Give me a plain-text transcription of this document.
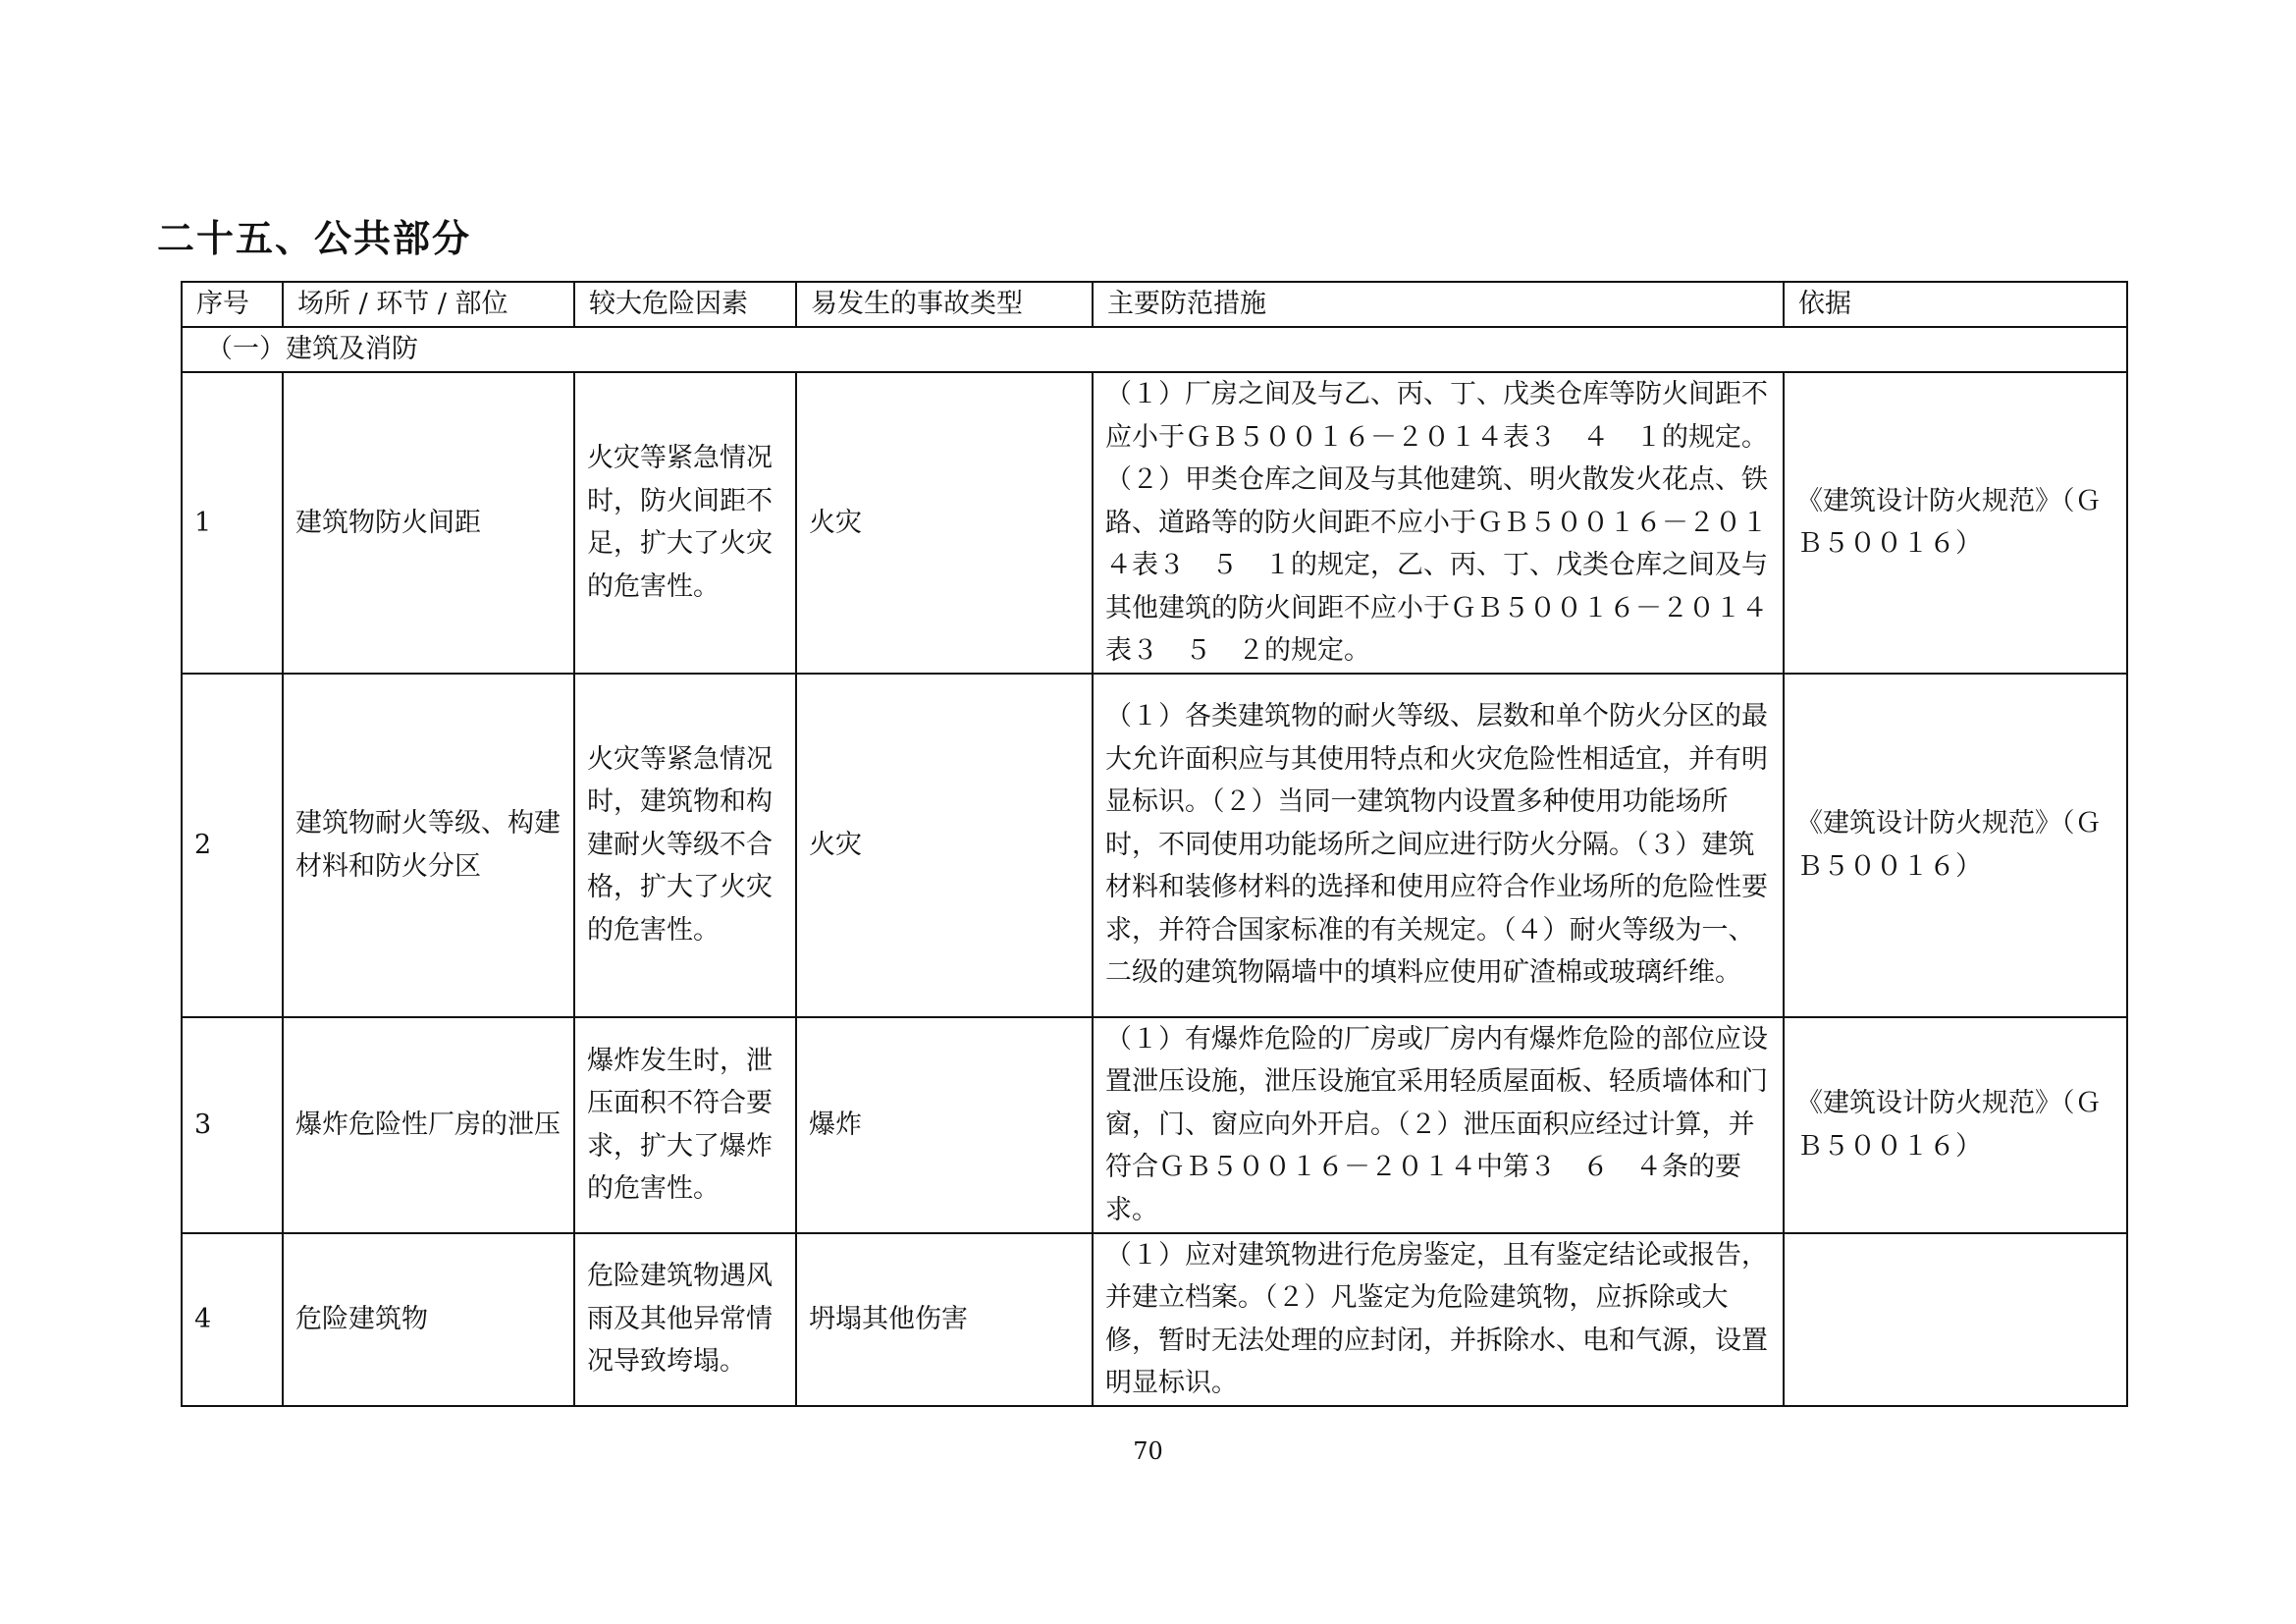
二十五、公共部分
序号	场所 / 环节 / 部位	较大危险因素	易发生的事故类型	主要防范措施	依据
（一）建筑及消防					
1	建筑物防火间距	火灾等紧急情况时，防火间距不足，扩大了火灾的危害性。	火灾	（１）厂房之间及与乙、丙、丁、戊类仓库等防火间距不应小于ＧＢ５００１６－２０１４表３　４　１的规定。（２）甲类仓库之间及与其他建筑、明火散发火花点、铁路、道路等的防火间距不应小于ＧＢ５００１６－２０１４表３　５　１的规定，乙、丙、丁、戊类仓库之间及与其他建筑的防火间距不应小于ＧＢ５００１６－２０１４表３　５　２的规定。	《建筑设计防火规范》（ＧＢ５００１６）
2	建筑物耐火等级、构建材料和防火分区	火灾等紧急情况时，建筑物和构建耐火等级不合格，扩大了火灾的危害性。	火灾	（１）各类建筑物的耐火等级、层数和单个防火分区的最大允许面积应与其使用特点和火灾危险性相适宜，并有明显标识。（２）当同一建筑物内设置多种使用功能场所时，不同使用功能场所之间应进行防火分隔。（３）建筑材料和装修材料的选择和使用应符合作业场所的危险性要求，并符合国家标准的有关规定。（４）耐火等级为一、二级的建筑物隔墙中的填料应使用矿渣棉或玻璃纤维。	《建筑设计防火规范》（ＧＢ５００１６）
3	爆炸危险性厂房的泄压	爆炸发生时，泄压面积不符合要求，扩大了爆炸的危害性。	爆炸	（１）有爆炸危险的厂房或厂房内有爆炸危险的部位应设置泄压设施，泄压设施宜采用轻质屋面板、轻质墙体和门窗，门、窗应向外开启。（２）泄压面积应经过计算，并符合ＧＢ５００１６－２０１４中第３　６　４条的要求。	《建筑设计防火规范》（ＧＢ５００１６）
4	危险建筑物	危险建筑物遇风雨及其他异常情况导致垮塌。	坍塌其他伤害	（１）应对建筑物进行危房鉴定，且有鉴定结论或报告，并建立档案。（２）凡鉴定为危险建筑物，应拆除或大修，暂时无法处理的应封闭，并拆除水、电和气源，设置明显标识。	
70
